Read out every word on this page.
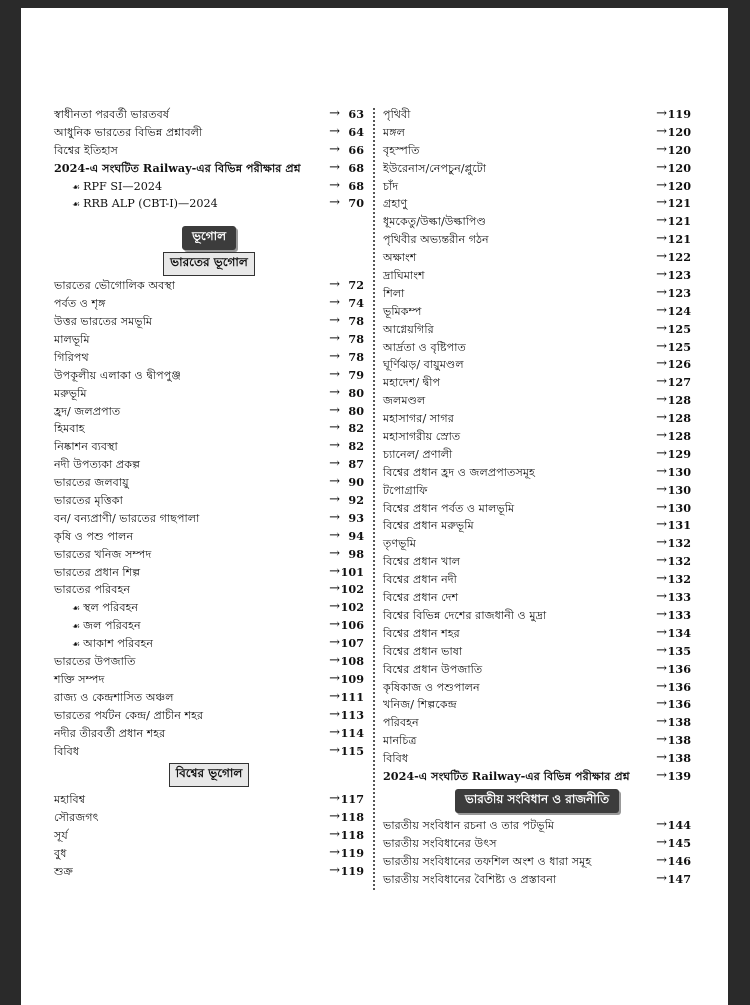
স্বাধীনতা পরবর্তী ভারতবর্ষ	→ 63
আধুনিক ভারতের বিভিন্ন প্রশ্নাবলী	→ 64
বিশ্বের ইতিহাস	→ 66
2024-এ সংঘটিত Railway-এর বিভিন্ন পরীক্ষার প্রশ্ন → 68
☙ RPF SI—2024	→ 68
☙ RRB ALP (CBT-I)—2024	→ 70
ভূগোল
ভারতের ভূগোল
ভারতের ভৌগোলিক অবস্থা	→ 72
পর্বত ও শৃঙ্গ	→ 74
উত্তর ভারতের সমভূমি	→ 78
মালভূমি	→ 78
গিরিপথ	→ 78
উপকূলীয় এলাকা ও দ্বীপপুঞ্জ	→ 79
মরুভূমি	→ 80
হ্রদ/ জলপ্রপাত	→ 80
হিমবাহ	→ 82
নিষ্কাশন ব্যবস্থা	→ 82
নদী উপত্যকা প্রকল্প	→ 87
ভারতের জলবায়ু	→ 90
ভারতের মৃত্তিকা	→ 92
বন/ বন্যপ্রাণী/ ভারতের গাছপালা	→ 93
কৃষি ও পশু পালন	→ 94
ভারতের খনিজ সম্পদ	→ 98
ভারতের প্রধান শিল্প	→ 101
ভারতের পরিবহন	→ 102
☙ স্থল পরিবহন	→ 102
☙ জল পরিবহন	→ 106
☙ আকাশ পরিবহন	→ 107
ভারতের উপজাতি	→ 108
শক্তি সম্পদ	→ 109
রাজ্য ও কেন্দ্রশাসিত অঞ্চল	→ 111
ভারতের পর্যটন কেন্দ্র/ প্রাচীন শহর	→ 113
নদীর তীরবর্তী প্রধান শহর	→ 114
বিবিধ	→ 115
বিশ্বের ভূগোল
মহাবিশ্ব	→ 117
সৌরজগৎ	→ 118
সূর্য	→ 118
বুধ	→ 119
শুক্র	→ 119
পৃথিবী	→ 119
মঙ্গল	→ 120
বৃহস্পতি	→ 120
ইউরেনাস/নেপচুন/প্লুটো	→ 120
চাঁদ	→ 120
গ্রহাণু	→ 121
ধূমকেতু/উল্কা/উল্কাপিণ্ড	→ 121
পৃথিবীর অভ্যন্তরীন গঠন	→ 121
অক্ষাংশ	→ 122
দ্রাঘিমাংশ	→ 123
শিলা	→ 123
ভূমিকম্প	→ 124
আগ্নেয়গিরি	→ 125
আর্দ্রতা ও বৃষ্টিপাত	→ 125
ঘূর্ণিঝড়/ বায়ুমণ্ডল	→ 126
মহাদেশ/ দ্বীপ	→ 127
জলমণ্ডল	→ 128
মহাসাগর/ সাগর	→ 128
মহাসাগরীয় স্রোত	→ 128
চ্যানেল/ প্রণালী	→ 129
বিশ্বের প্রধান হ্রদ ও জলপ্রপাতসমূহ	→ 130
টপোগ্রাফি	→ 130
বিশ্বের প্রধান পর্বত ও মালভূমি	→ 130
বিশ্বের প্রধান মরুভূমি	→ 131
তৃণভূমি	→ 132
বিশ্বের প্রধান খাল	→ 132
বিশ্বের প্রধান নদী	→ 132
বিশ্বের প্রধান দেশ	→ 133
বিশ্বের বিভিন্ন দেশের রাজধানী ও মুদ্রা	→ 133
বিশ্বের প্রধান শহর	→ 134
বিশ্বের প্রধান ভাষা	→ 135
বিশ্বের প্রধান উপজাতি	→ 136
কৃষিকাজ ও পশুপালন	→ 136
খনিজ/ শিল্পকেন্দ্র	→ 136
পরিবহন	→ 138
মানচিত্র	→ 138
বিবিধ	→ 138
2024-এ সংঘটিত Railway-এর বিভিন্ন পরীক্ষার প্রশ্ন → 139
ভারতীয় সংবিধান ও রাজনীতি
ভারতীয় সংবিধান রচনা ও তার পটভূমি	→ 144
ভারতীয় সংবিধানের উৎস	→ 145
ভারতীয় সংবিধানের তফশিল অংশ ও ধারা সমূহ	→ 146
ভারতীয় সংবিধানের বৈশিষ্ট্য ও প্রস্তাবনা	→ 147
